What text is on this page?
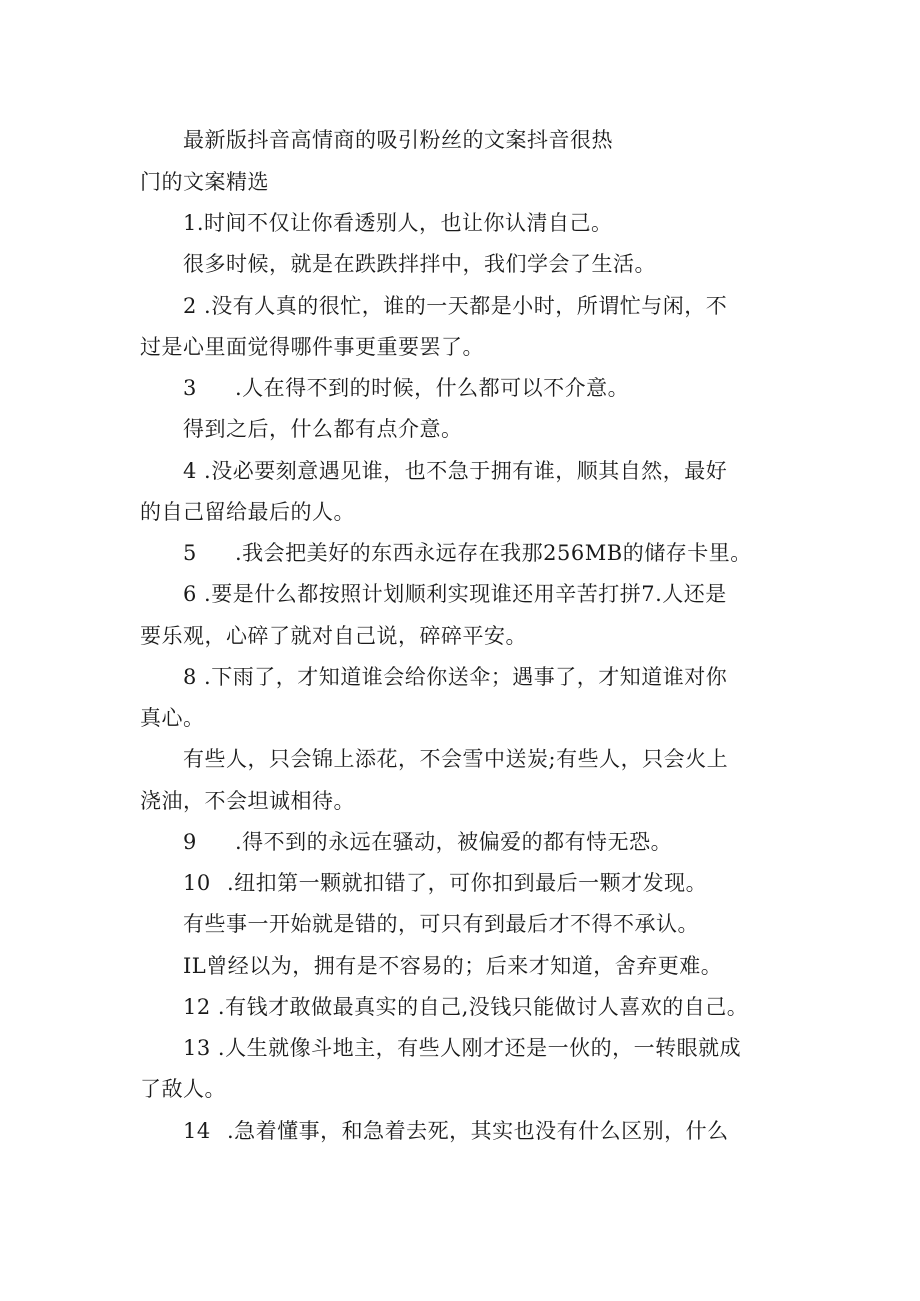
最新版抖音高情商的吸引粉丝的文案抖音很热
门的文案精选
1.时间不仅让你看透别人，也让你认清自己。
很多时候，就是在跌跌拌拌中，我们学会了生活。
2 .没有人真的很忙，谁的一天都是小时，所谓忙与闲，不
过是心里面觉得哪件事更重要罢了。
3 .人在得不到的时候，什么都可以不介意。
得到之后，什么都有点介意。
4 .没必要刻意遇见谁，也不急于拥有谁，顺其自然，最好
的自己留给最后的人。
5 .我会把美好的东西永远存在我那256MB的储存卡里。
6 .要是什么都按照计划顺利实现谁还用辛苦打拼7.人还是
要乐观，心碎了就对自己说，碎碎平安。
8 .下雨了，才知道谁会给你送伞；遇事了，才知道谁对你
真心。
有些人，只会锦上添花，不会雪中送炭;有些人，只会火上
浇油，不会坦诚相待。
9 .得不到的永远在骚动，被偏爱的都有恃无恐。
10 .纽扣第一颗就扣错了，可你扣到最后一颗才发现。
有些事一开始就是错的，可只有到最后才不得不承认。
IL曾经以为，拥有是不容易的；后来才知道，舍弃更难。
12 .有钱才敢做最真实的自己,没钱只能做讨人喜欢的自己。
13 .人生就像斗地主，有些人刚才还是一伙的，一转眼就成
了敌人。
14 .急着懂事，和急着去死，其实也没有什么区别，什么
